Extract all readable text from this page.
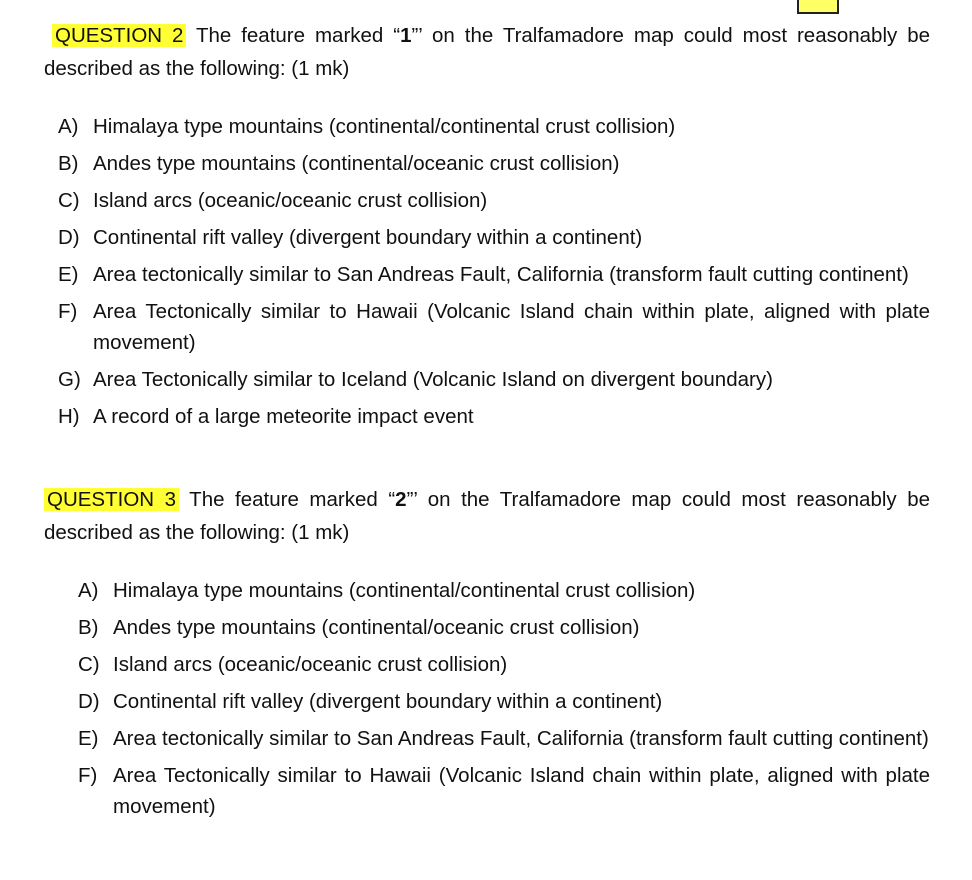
QUESTION 2 The feature marked “1”’ on the Tralfamadore map could most reasonably be described as the following: (1 mk)
A) Himalaya type mountains (continental/continental crust collision)
B) Andes type mountains (continental/oceanic crust collision)
C) Island arcs (oceanic/oceanic crust collision)
D) Continental rift valley (divergent boundary within a continent)
E) Area tectonically similar to San Andreas Fault, California (transform fault cutting continent)
F) Area Tectonically similar to Hawaii (Volcanic Island chain within plate, aligned with plate movement)
G) Area Tectonically similar to Iceland (Volcanic Island on divergent boundary)
H) A record of a large meteorite impact event
QUESTION 3 The feature marked “2”’ on the Tralfamadore map could most reasonably be described as the following: (1 mk)
A) Himalaya type mountains (continental/continental crust collision)
B) Andes type mountains (continental/oceanic crust collision)
C) Island arcs (oceanic/oceanic crust collision)
D) Continental rift valley (divergent boundary within a continent)
E) Area tectonically similar to San Andreas Fault, California (transform fault cutting continent)
F) Area Tectonically similar to Hawaii (Volcanic Island chain within plate, aligned with plate movement)
